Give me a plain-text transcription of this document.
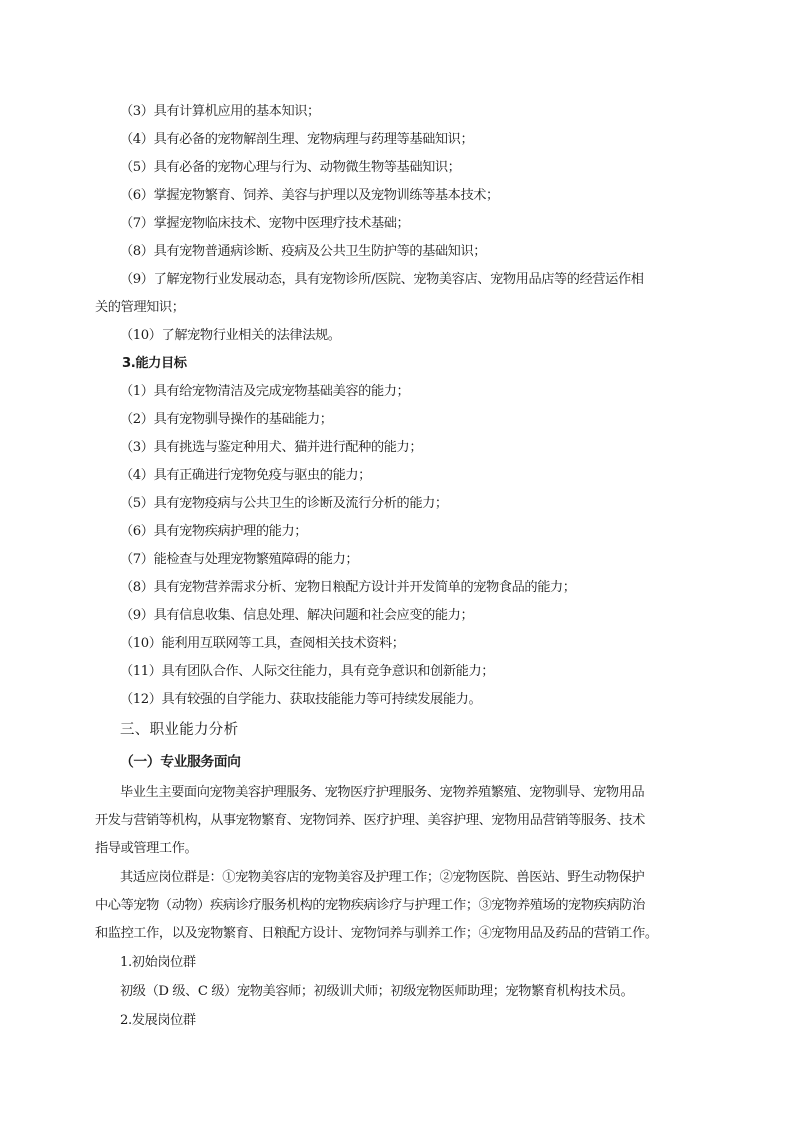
（3）具有计算机应用的基本知识；
（4）具有必备的宠物解剖生理、宠物病理与药理等基础知识；
（5）具有必备的宠物心理与行为、动物微生物等基础知识；
（6）掌握宠物繁育、饲养、美容与护理以及宠物训练等基本技术；
（7）掌握宠物临床技术、宠物中医理疗技术基础；
（8）具有宠物普通病诊断、疫病及公共卫生防护等的基础知识；
（9）了解宠物行业发展动态，具有宠物诊所/医院、宠物美容店、宠物用品店等的经营运作相
关的管理知识；
（10）了解宠物行业相关的法律法规。
3.能力目标
（1）具有给宠物清洁及完成宠物基础美容的能力；
（2）具有宠物驯导操作的基础能力；
（3）具有挑选与鉴定种用犬、猫并进行配种的能力；
（4）具有正确进行宠物免疫与驱虫的能力；
（5）具有宠物疫病与公共卫生的诊断及流行分析的能力；
（6）具有宠物疾病护理的能力；
（7）能检查与处理宠物繁殖障碍的能力；
（8）具有宠物营养需求分析、宠物日粮配方设计并开发简单的宠物食品的能力；
（9）具有信息收集、信息处理、解决问题和社会应变的能力；
（10）能利用互联网等工具，查阅相关技术资料；
（11）具有团队合作、人际交往能力，具有竞争意识和创新能力；
（12）具有较强的自学能力、获取技能能力等可持续发展能力。
三、职业能力分析
（一）专业服务面向
毕业生主要面向宠物美容护理服务、宠物医疗护理服务、宠物养殖繁殖、宠物驯导、宠物用品
开发与营销等机构，从事宠物繁育、宠物饲养、医疗护理、美容护理、宠物用品营销等服务、技术
指导或管理工作。
其适应岗位群是：①宠物美容店的宠物美容及护理工作；②宠物医院、兽医站、野生动物保护
中心等宠物（动物）疾病诊疗服务机构的宠物疾病诊疗与护理工作；③宠物养殖场的宠物疾病防治
和监控工作，以及宠物繁育、日粮配方设计、宠物饲养与驯养工作；④宠物用品及药品的营销工作。
1.初始岗位群
初级（D 级、C 级）宠物美容师；初级训犬师；初级宠物医师助理；宠物繁育机构技术员。
2.发展岗位群
